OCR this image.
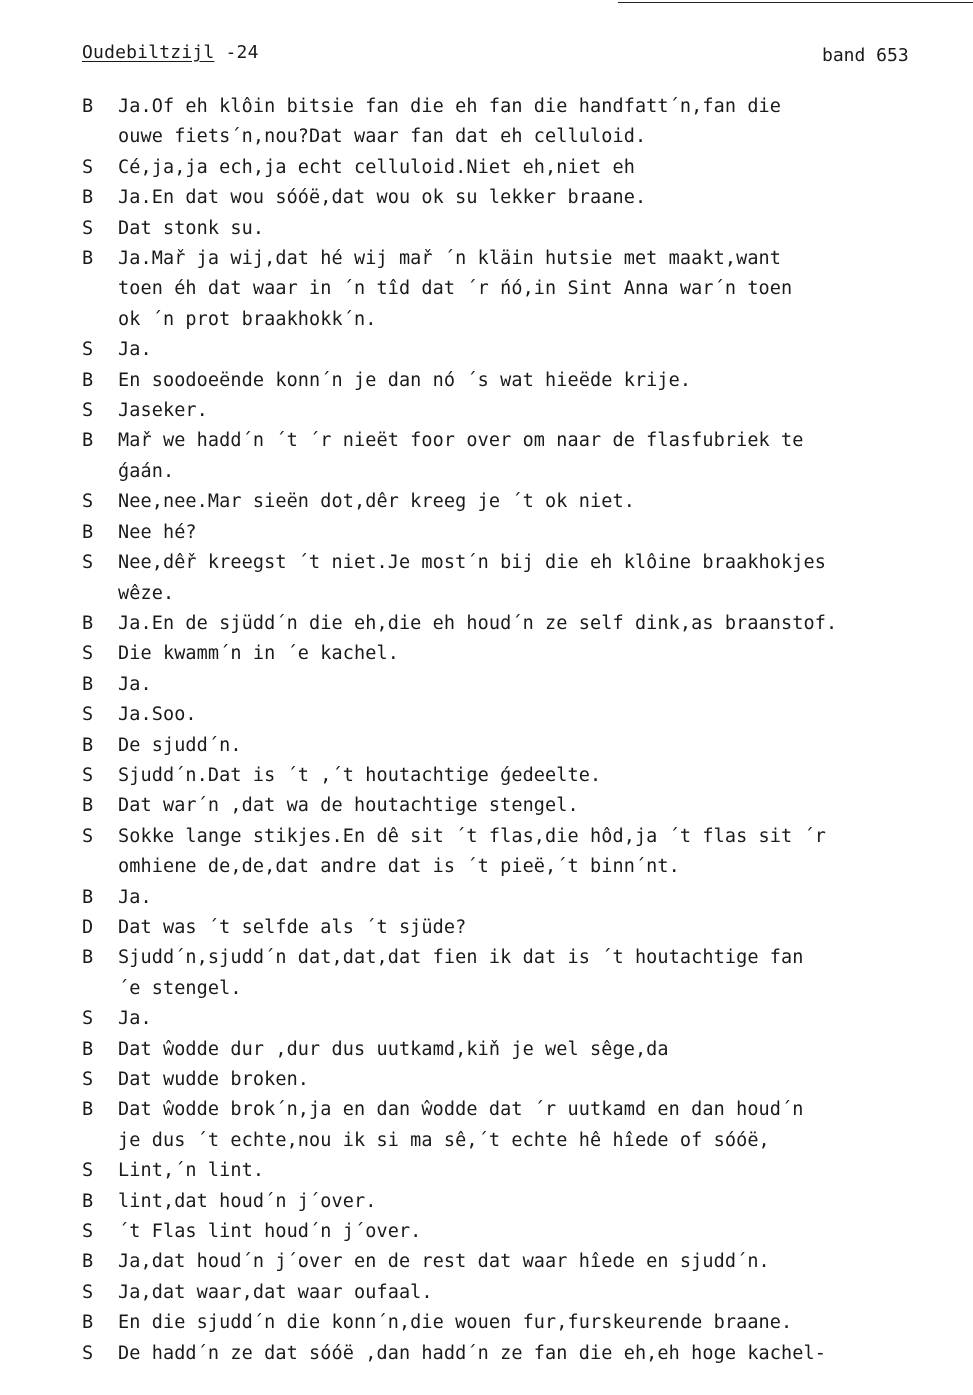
Oudebiltzijl -24	band 653
B	Ja.Of eh klôin bitsie fan die eh fan die handfatt´n,fan die
ouwe fiets´n,nou?Dat waar fan dat eh celluloid.
S	Cé,ja,ja ech,ja echt celluloid.Niet eh,niet eh
B	Ja.En dat wou sóóë,dat wou ok su lekker braane.
S	Dat stonk su.
B	Ja.Mař ja wij,dat hé wij mař ´n kläin hutsie met maakt,want
toen éh dat waar in ´n tîd dat ´r ńó,in Sint Anna war´n toen
ok ´n prot braakhokk´n.
S	Ja.
B	En soodoeënde konn´n je dan nó ´s wat hieëde krije.
S	Jaseker.
B	Mař we hadd´n ´t ´r nieët foor over om naar de flasfubriek te
ǵaán.
S	Nee,nee.Mar sieën dot,dêr kreeg je ´t ok niet.
B	Nee hé?
S	Nee,dêř kreegst ´t niet.Je most´n bij die eh klôine braakhokjes
wêze.
B	Ja.En de sjüdd´n die eh,die eh houd´n ze self dink,as braanstof.
S	Die kwamm´n in ´e kachel.
B	Ja.
S	Ja.Soo.
B	De sjudd´n.
S	Sjudd´n.Dat is ´t ,´t houtachtige ǵedeelte.
B	Dat war´n ,dat wa de houtachtige stengel.
S	Sokke lange stikjes.En dê sit ´t flas,die hôd,ja ´t flas sit ´r
omhiene de,de,dat andre dat is ´t pieë,´t binn´nt.
B	Ja.
D	Dat was ´t selfde als ´t sjüde?
B	Sjudd´n,sjudd´n dat,dat,dat fien ik dat is ´t houtachtige fan
´e stengel.
S	Ja.
B	Dat ŵodde dur ,dur dus uutkamd,kiň je wel sêge,da
S	Dat wudde broken.
B	Dat ŵodde brok´n,ja en dan ŵodde dat ´r uutkamd en dan houd´n
je dus ´t echte,nou ik si ma sê,´t echte hê hîede of sóóë,
S	Lint,´n lint.
B	lint,dat houd´n j´over.
S	´t Flas lint houd´n j´over.
B	Ja,dat houd´n j´over en de rest dat waar hîede en sjudd´n.
S	Ja,dat waar,dat waar oufaal.
B	En die sjudd´n die konn´n,die wouen fur,furskeurende braane.
S	De hadd´n ze dat sóóë ,dan hadd´n ze fan die eh,eh hoge kachel-
